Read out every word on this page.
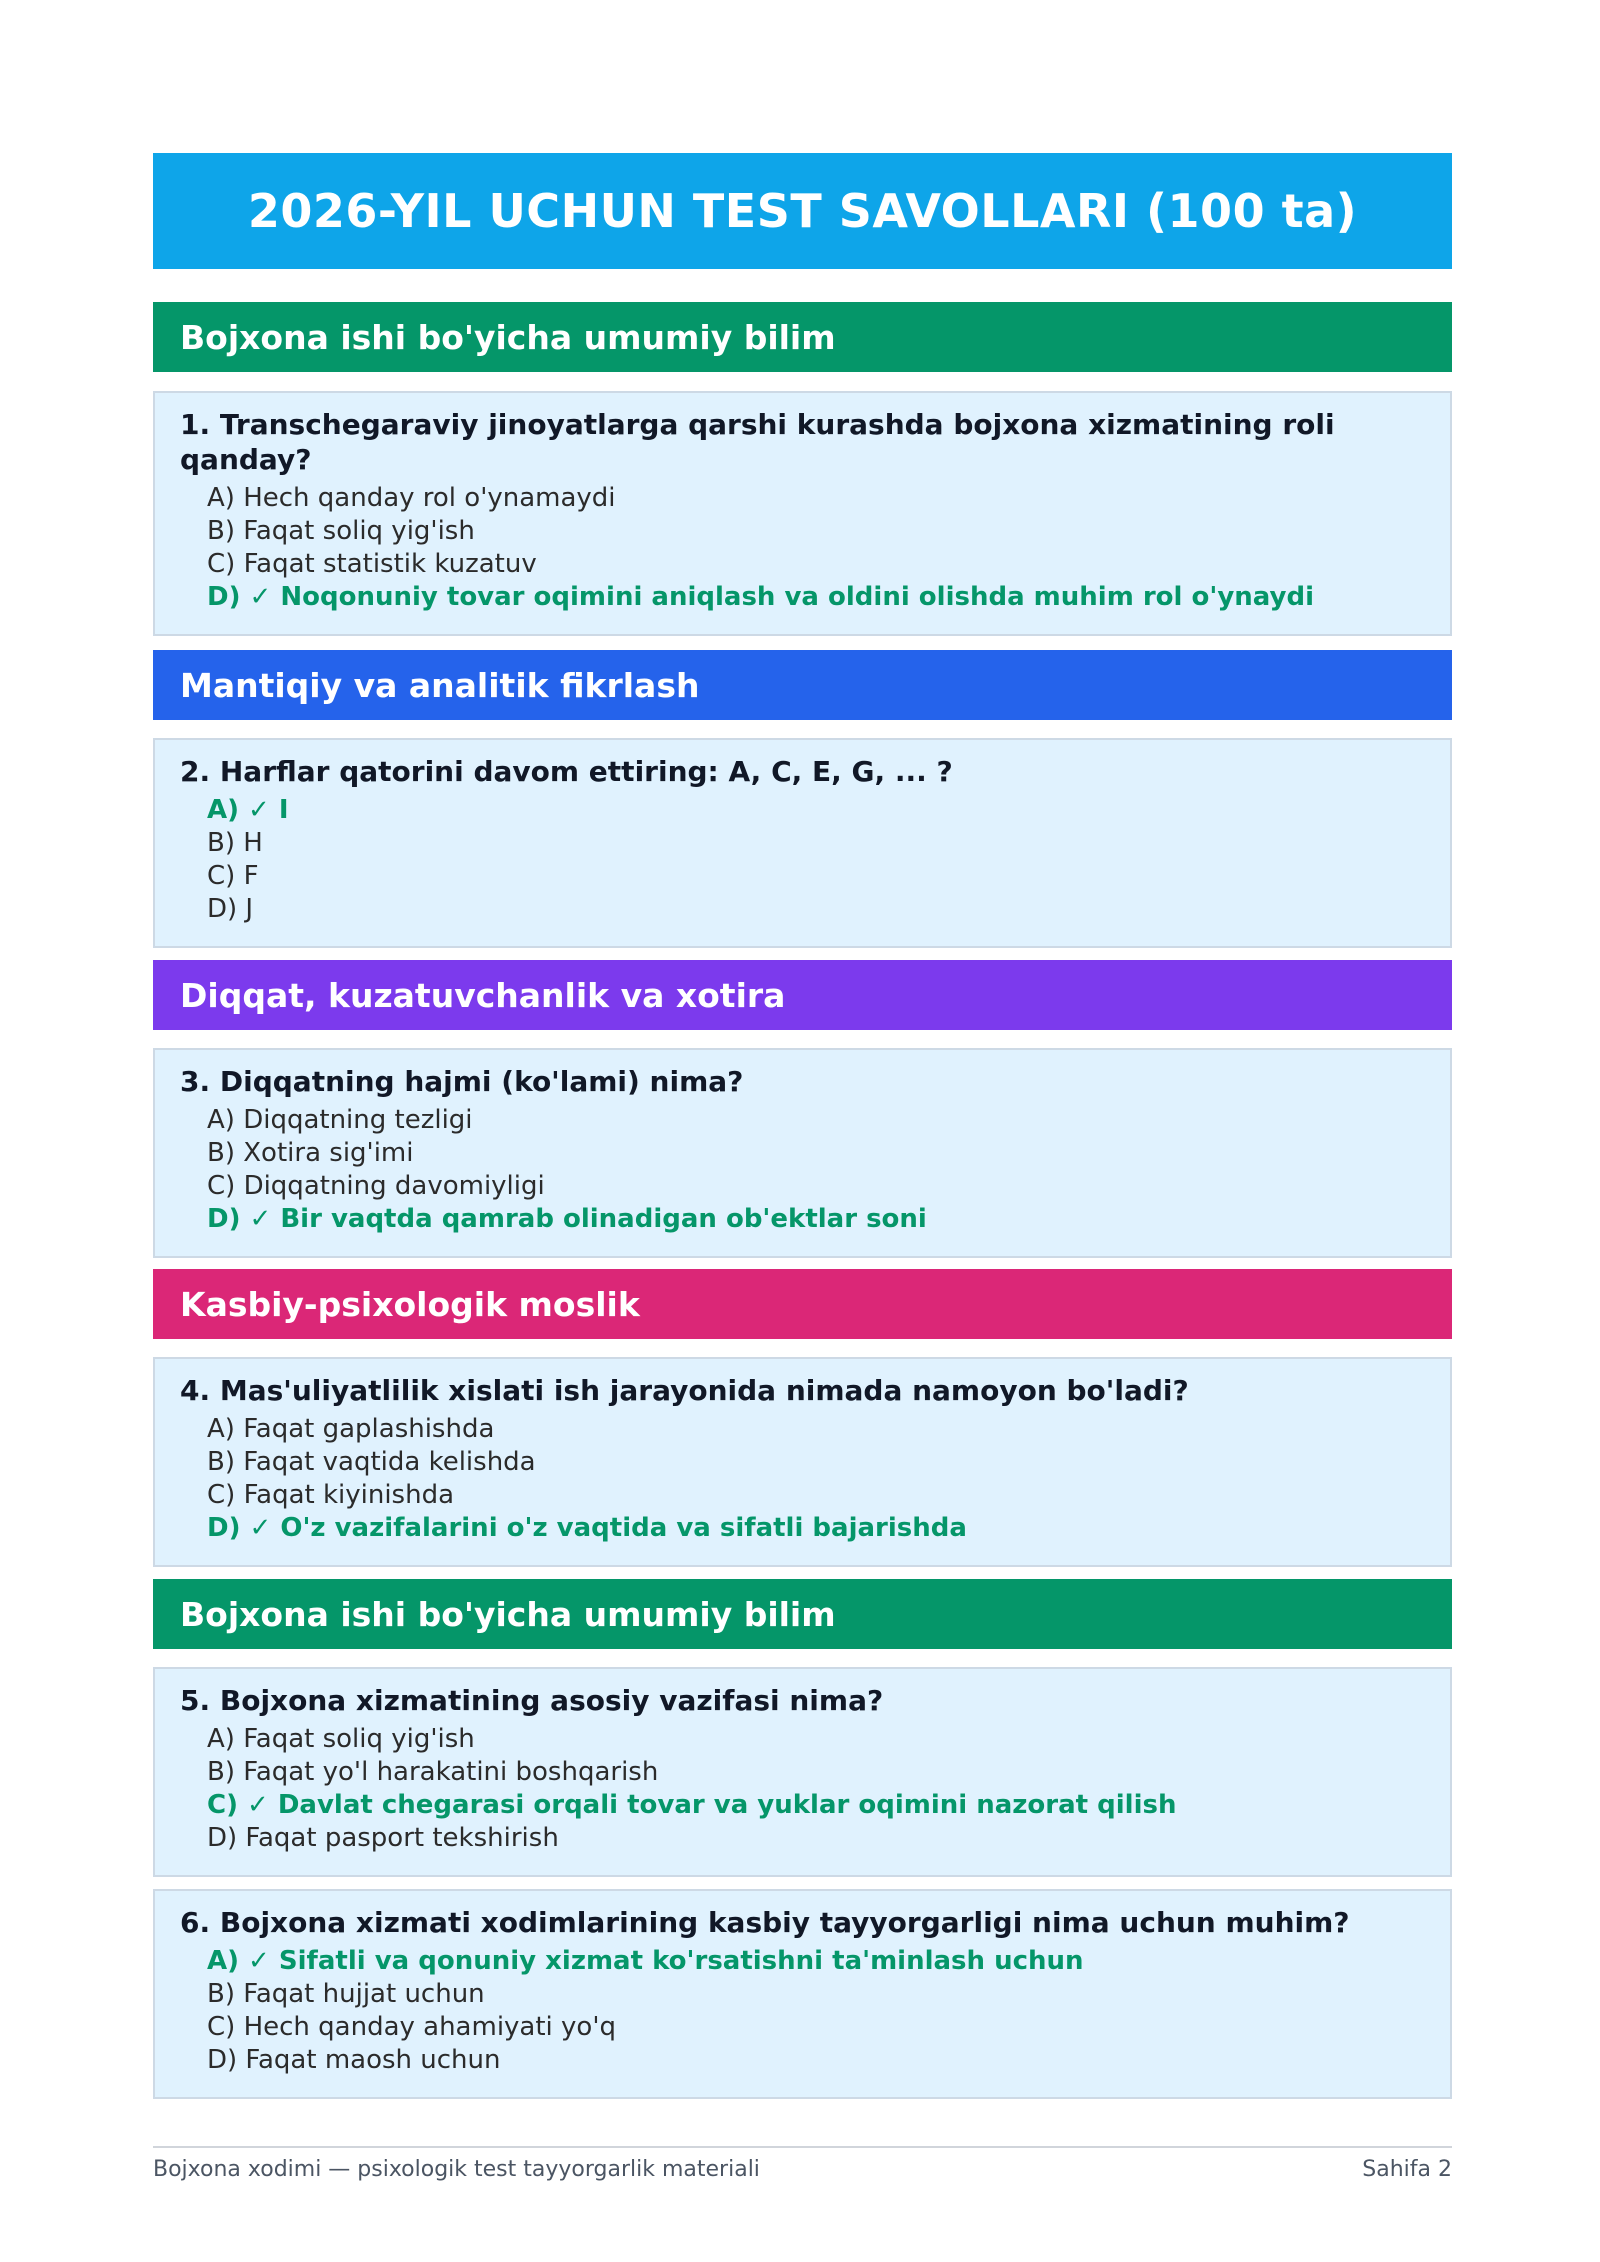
2026-YIL UCHUN TEST SAVOLLARI (100 ta)
Bojxona ishi bo'yicha umumiy bilim

1. Transchegaraviy jinoyatlarga qarshi kurashda bojxona xizmatining roli qanday?

A) Hech qanday rol o'ynamaydi
B) Faqat soliq yig'ish
C) Faqat statistik kuzatuv
D) ✓ Noqonuniy tovar oqimini aniqlash va oldini olishda muhim rol o'ynaydi
Mantiqiy va analitik fikrlash

2. Harflar qatorini davom ettiring: A, C, E, G, ... ?

A) ✓ I
B) H
C) F
D) J
Diqqat, kuzatuvchanlik va xotira

3. Diqqatning hajmi (ko'lami) nima?

A) Diqqatning tezligi
B) Xotira sig'imi
C) Diqqatning davomiyligi
D) ✓ Bir vaqtda qamrab olinadigan ob'ektlar soni
Kasbiy-psixologik moslik

4. Mas'uliyatlilik xislati ish jarayonida nimada namoyon bo'ladi?

A) Faqat gaplashishda
B) Faqat vaqtida kelishda
C) Faqat kiyinishda
D) ✓ O'z vazifalarini o'z vaqtida va sifatli bajarishda
Bojxona ishi bo'yicha umumiy bilim

5. Bojxona xizmatining asosiy vazifasi nima?

A) Faqat soliq yig'ish
B) Faqat yo'l harakatini boshqarish
C) ✓ Davlat chegarasi orqali tovar va yuklar oqimini nazorat qilish
D) Faqat pasport tekshirish

6. Bojxona xizmati xodimlarining kasbiy tayyorgarligi nima uchun muhim?

A) ✓ Sifatli va qonuniy xizmat ko'rsatishni ta'minlash uchun
B) Faqat hujjat uchun
C) Hech qanday ahamiyati yo'q
D) Faqat maosh uchun
Bojxona xodimi — psixologik test tayyorgarlik materiali	Sahifa 2
